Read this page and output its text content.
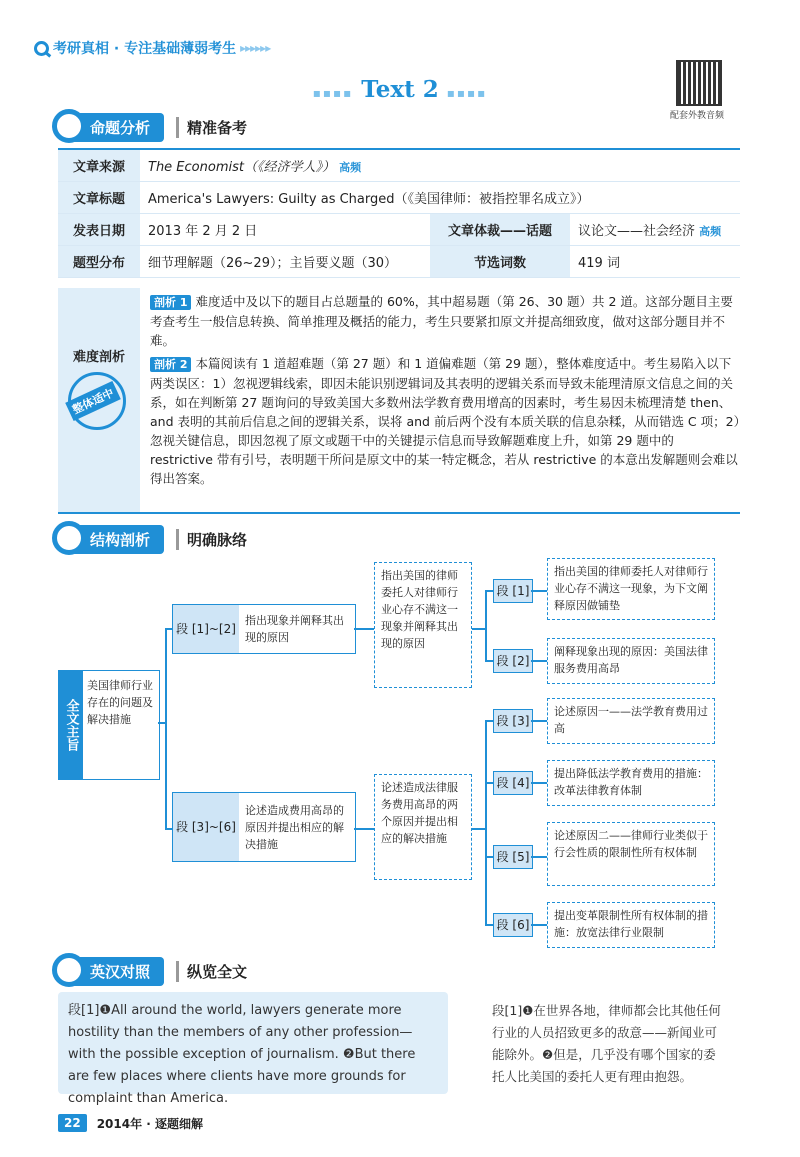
考研真相 · 专注基础薄弱考生 ▸▸▸▸▸▸
▪▪▪▪ Text 2 ▪▪▪▪
配套外教音频
命题分析	精准备考
文章来源	The Economist（《经济学人》） 高频
文章标题	America's Lawyers: Guilty as Charged（《美国律师：被指控罪名成立》）
发表日期	2013 年 2 月 2 日	文章体裁——话题	议论文——社会经济 高频
题型分布	细节理解题（26~29）；主旨要义题（30）	节选词数	419 词
难度剖析
整体适中

剖析 1 难度适中及以下的题目占总题量的 60%，其中超易题（第 26、30 题）共 2 道。这部分题目主要考查考生一般信息转换、简单推理及概括的能力，考生只要紧扣原文并提高细致度，做对这部分题目并不难。

剖析 2 本篇阅读有 1 道超难题（第 27 题）和 1 道偏难题（第 29 题），整体难度适中。考生易陷入以下两类误区：1）忽视逻辑线索，即因未能识别逻辑词及其表明的逻辑关系而导致未能理清原文信息之间的关系，如在判断第 27 题询问的导致美国大多数州法学教育费用增高的因素时，考生易因未梳理清楚 then、and 表明的其前后信息之间的逻辑关系，误将 and 前后两个没有本质关联的信息杂糅，从而错选 C 项；2）忽视关键信息，即因忽视了原文或题干中的关键提示信息而导致解题难度上升，如第 29 题中的 restrictive 带有引号，表明题干所问是原文中的某一特定概念，若从 restrictive 的本意出发解题则会难以得出答案。

结构剖析	明确脉络
全文主旨
美国律师行业存在的问题及解决措施
段 [1]~[2]
指出现象并阐释其出现的原因
指出美国的律师委托人对律师行业心存不满这一现象并阐释其出现的原因
段 [3]~[6]
论述造成费用高昂的原因并提出相应的解决措施
论述造成法律服务费用高昂的两个原因并提出相应的解决措施
段 [1]
指出美国的律师委托人对律师行业心存不满这一现象，为下文阐释原因做铺垫
段 [2]
阐释现象出现的原因：美国法律服务费用高昂
段 [3]
论述原因一——法学教育费用过高
段 [4]
提出降低法学教育费用的措施：改革法律教育体制
段 [5]
论述原因二——律师行业类似于行会性质的限制性所有权体制
段 [6]
提出变革限制性所有权体制的措施：放宽法律行业限制
英汉对照	纵览全文
段[1]❶All around the world, lawyers generate more hostility than the members of any other profession—with the possible exception of journalism. ❷But there are few places where clients have more grounds for complaint than America.
段[1]❶在世界各地，律师都会比其他任何行业的人员招致更多的敌意——新闻业可能除外。❷但是，几乎没有哪个国家的委托人比美国的委托人更有理由抱怨。
22	2014年 · 逐题细解
